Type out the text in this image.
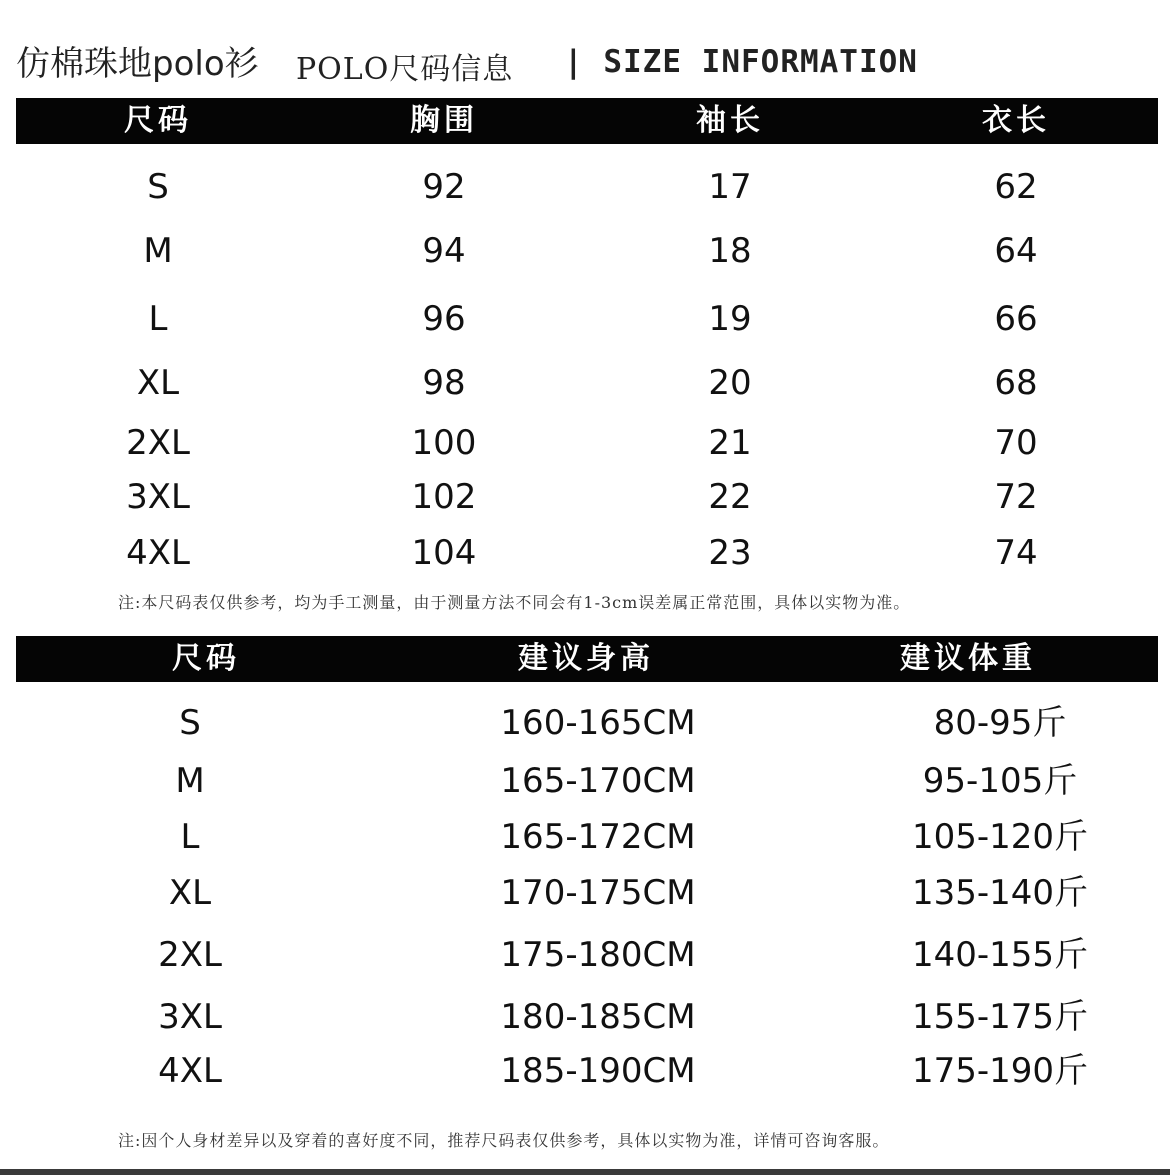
仿棉珠地polo衫 POLO尺码信息 | SIZE INFORMATION
尺码	胸围	袖长	衣长
S	92	17	62
M	94	18	64
L	96	19	66
XL	98	20	68
2XL	100	21	70
3XL	102	22	72
4XL	104	23	74
注:本尺码表仅供参考，均为手工测量，由于测量方法不同会有1-3cm误差属正常范围，具体以实物为准。
尺码	建议身高	建议体重
S	160-165CM	80-95斤
M	165-170CM	95-105斤
L	165-172CM	105-120斤
XL	170-175CM	135-140斤
2XL	175-180CM	140-155斤
3XL	180-185CM	155-175斤
4XL	185-190CM	175-190斤
注:因个人身材差异以及穿着的喜好度不同，推荐尺码表仅供参考，具体以实物为准，详情可咨询客服。
